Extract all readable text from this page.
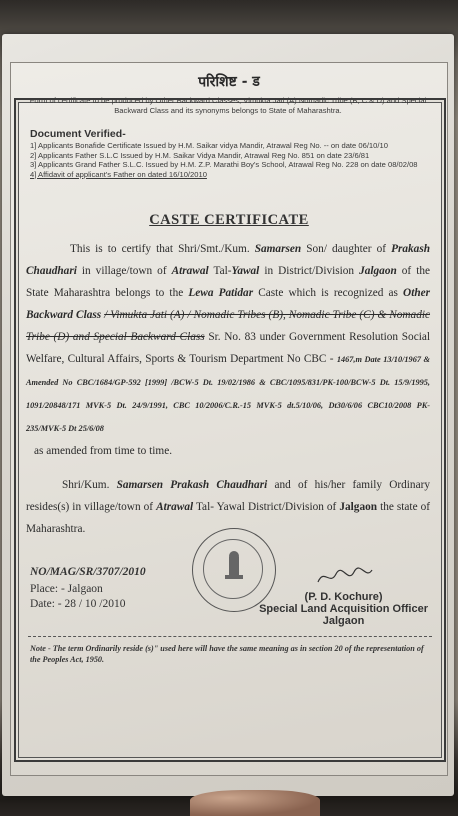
परिशिष्ट - ड
Form of certificate to be produced by Other Backward Classes, Vimukta Jati (A) Nomadic Tribe (B, C & D) and Special Backward Class and its synonyms belongs to State of Maharashtra.
Document Verified-
1] Applicants Bonafide Certificate Issued by H.M. Saikar vidya Mandir, Atrawal Reg No. -- on date 06/10/10
2] Applicants Father S.L.C Issued by H.M. Saikar Vidya Mandir, Atrawal Reg No. 851 on date 23/6/81
3] Applicants Grand Father S.L.C. Issued by H.M. Z.P. Marathi Boy's School, Atrawal Reg No. 228 on date 08/02/08
4] Affidavit of applicant's Father on dated 16/10/2010
CASTE CERTIFICATE
This is to certify that Shri/Smt./Kum. Samarsen Son/ daughter of Prakash Chaudhari in village/town of Atrawal Tal-Yawal in District/Division Jalgaon of the State Maharashtra belongs to the Lewa Patidar Caste which is recognized as Other Backward Class / Vimukta Jati (A) / Nomadic Tribes (B), Nomadic Tribe (C) & Nomadic Tribe (D) and Special Backward Class Sr. No. 83 under Government Resolution Social Welfare, Cultural Affairs, Sports & Tourism Department No CBC - 1467,m Date 13/10/1967 & Amended No CBC/1684/GP-592 [1999] /BCW-5 Dt. 19/02/1986 & CBC/1095/831/PK-100/BCW-5 Dt. 15/9/1995, 1091/20848/171 MVK-5 Dt. 24/9/1991, CBC 10/2006/C.R.-15 MVK-5 dt.5/10/06, Dt30/6/06 CBC10/2008 PK-235/MVK-5 Dt 25/6/08
as amended from time to time.
Shri/Kum. Samarsen Prakash Chaudhari and of his/her family Ordinary resides(s) in village/town of Atrawal Tal- Yawal District/Division of Jalgaon the state of Maharashtra.
NO/MAG/SR/3707/2010
Place: - Jalgaon
Date: - 28 / 10 /2010
(P. D. Kochure)
Special Land Acquisition Officer
Jalgaon
Note - The term Ordinarily reside (s)" used here will have the same meaning as in section 20 of the representation of the Peoples Act, 1950.
